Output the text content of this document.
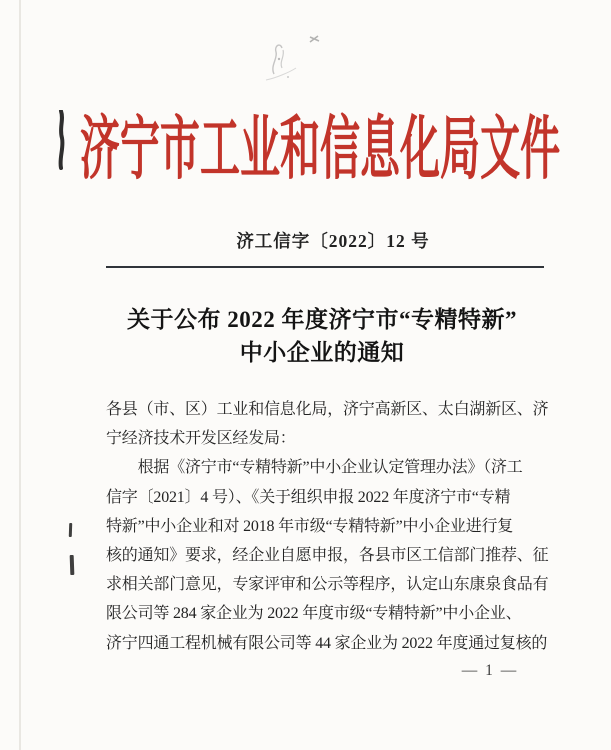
济宁市工业和信息化局文件
济工信字〔2022〕12 号
关于公布 2022 年度济宁市“专精特新”
中小企业的通知
各县（市、区）工业和信息化局，济宁高新区、太白湖新区、济
宁经济技术开发区经发局：
　　根据《济宁市“专精特新”中小企业认定管理办法》（济工
信字〔2021〕4 号）、《关于组织申报 2022 年度济宁市“专精
特新”中小企业和对 2018 年市级“专精特新”中小企业进行复
核的通知》要求，经企业自愿申报，各县市区工信部门推荐、征
求相关部门意见，专家评审和公示等程序，认定山东康泉食品有
限公司等 284 家企业为 2022 年度市级“专精特新”中小企业、
济宁四通工程机械有限公司等 44 家企业为 2022 年度通过复核的
— 1 —
